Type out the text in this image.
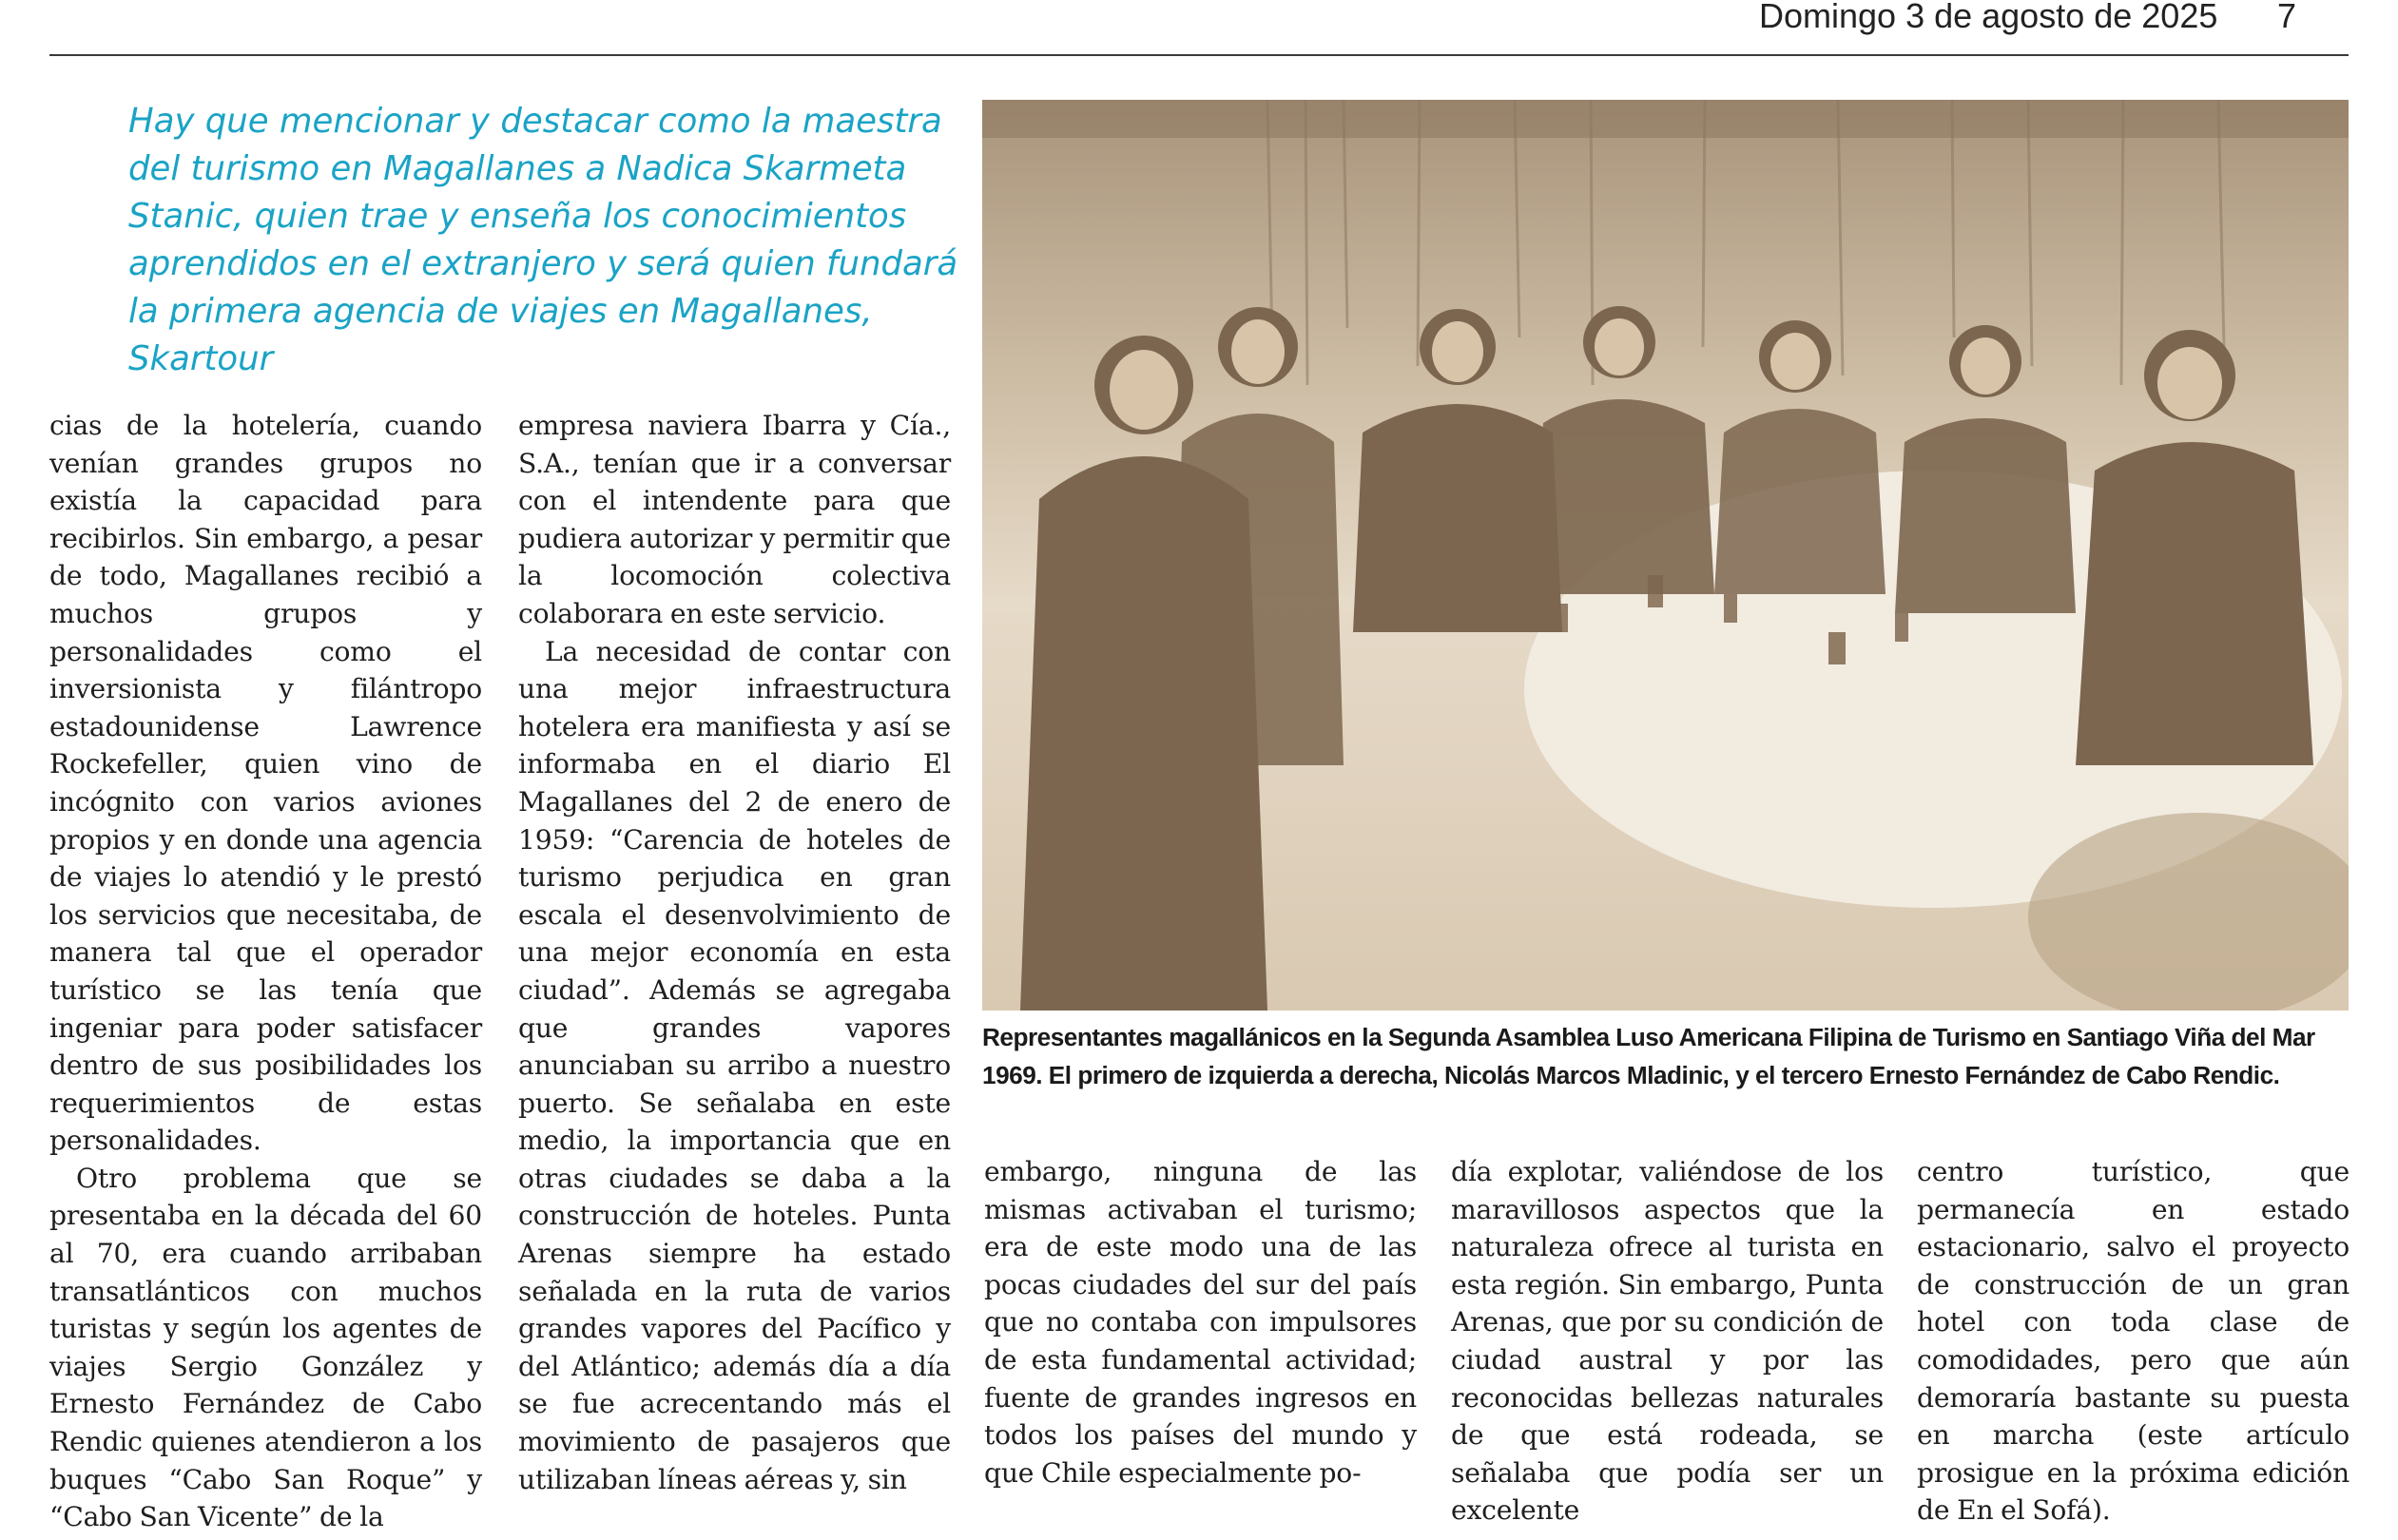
Domingo 3 de agosto de 2025 7
Hay que mencionar y destacar como la maestra del turismo en Magallanes a Nadica Skarmeta Stanic, quien trae y enseña los conocimientos aprendidos en el extranjero y será quien fundará la primera agencia de viajes en Magallanes, Skartour

cias de la hotelería, cuando venían grandes grupos no existía la capacidad para recibirlos. Sin embargo, a pesar de todo, Magallanes recibió a muchos grupos y personalidades como el inversionista y filántropo estadounidense Lawrence Rockefeller, quien vino de incógnito con varios aviones propios y en donde una agencia de viajes lo atendió y le prestó los servicios que necesitaba, de manera tal que el operador turístico se las tenía que ingeniar para poder satisfacer dentro de sus posibilidades los requerimientos de estas personalidades.

Otro problema que se presentaba en la década del 60 al 70, era cuando arribaban transatlánticos con muchos turistas y según los agentes de viajes Sergio González y Ernesto Fernández de Cabo Rendic quienes atendieron a los buques “Cabo San Roque” y “Cabo San Vicente” de la

empresa naviera Ibarra y Cía., S.A., tenían que ir a conversar con el intendente para que pudiera autorizar y permitir que la locomoción colectiva colaborara en este servicio.

La necesidad de contar con una mejor infraestructura hotelera era manifiesta y así se informaba en el diario El Magallanes del 2 de enero de 1959: “Carencia de hoteles de turismo perjudica en gran escala el desenvolvimiento de una mejor economía en esta ciudad”. Además se agregaba que grandes vapores anunciaban su arribo a nuestro puerto. Se señalaba en este medio, la importancia que en otras ciudades se daba a la construcción de hoteles. Punta Arenas siempre ha estado señalada en la ruta de varios grandes vapores del Pacífico y del Atlántico; además día a día se fue acrecentando más el movimiento de pasajeros que utilizaban líneas aéreas y, sin

Representantes magallánicos en la Segunda Asamblea Luso Americana Filipina de Turismo en Santiago Viña del Mar 1969. El primero de izquierda a derecha, Nicolás Marcos Mladinic, y el tercero Ernesto Fernández de Cabo Rendic.

embargo, ninguna de las mismas activaban el turismo; era de este modo una de las pocas ciudades del sur del país que no contaba con impulsores de esta fundamental actividad; fuente de grandes ingresos en todos los países del mundo y que Chile especialmente po-

día explotar, valiéndose de los maravillosos aspectos que la naturaleza ofrece al turista en esta región. Sin embargo, Punta Arenas, que por su condición de ciudad austral y por las reconocidas bellezas naturales de que está rodeada, se señalaba que podía ser un excelente

centro turístico, que permanecía en estado estacionario, salvo el proyecto de construcción de un gran hotel con toda clase de comodidades, pero que aún demoraría bastante su puesta en marcha (este artículo prosigue en la próxima edición de En el Sofá).
